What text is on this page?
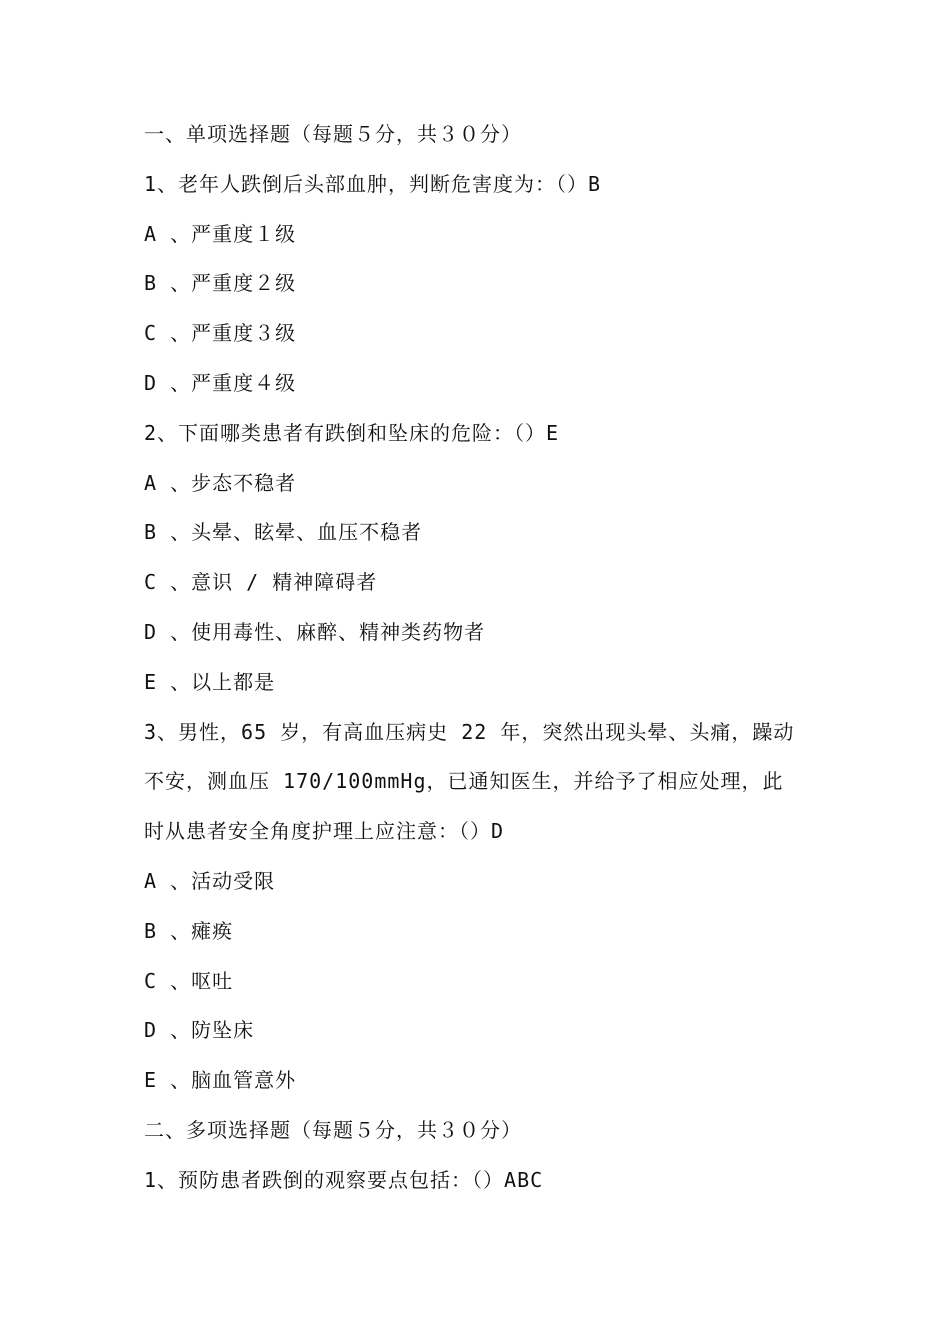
一、单项选择题（每题５分，共３０分）
1、老年人跌倒后头部血肿，判断危害度为：（）B
A 、严重度１级
B 、严重度２级
C 、严重度３级
D 、严重度４级
2、下面哪类患者有跌倒和坠床的危险：（）E
A 、步态不稳者
B 、头晕、眩晕、血压不稳者
C 、意识 / 精神障碍者
D 、使用毒性、麻醉、精神类药物者
E 、以上都是
3、男性，65 岁，有高血压病史 22 年，突然出现头晕、头痛，躁动
不安，测血压 170/100mmHg，已通知医生，并给予了相应处理，此
时从患者安全角度护理上应注意：（）D
A 、活动受限
B 、瘫痪
C 、呕吐
D 、防坠床
E 、脑血管意外
二、多项选择题（每题５分，共３０分）
1、预防患者跌倒的观察要点包括：（）ABC
